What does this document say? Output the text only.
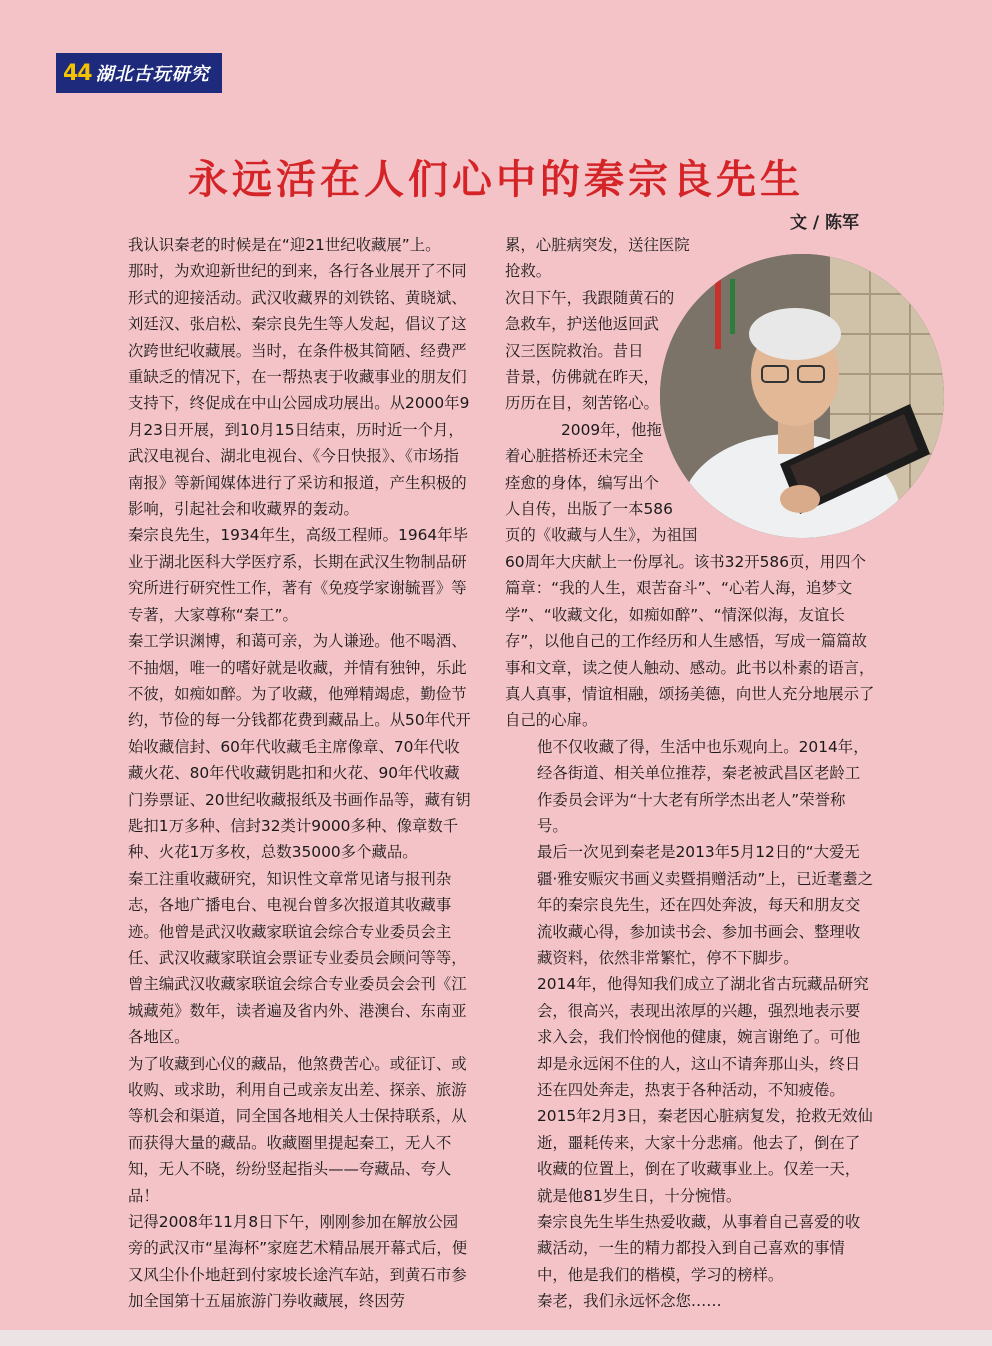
44 湖北古玩研究
永远活在人们心中的秦宗良先生
文 / 陈军

我认识秦老的时候是在“迎21世纪收藏展”上。

那时，为欢迎新世纪的到来，各行各业展开了不同形式的迎接活动。武汉收藏界的刘铁铭、黄晓斌、刘廷汉、张启松、秦宗良先生等人发起，倡议了这次跨世纪收藏展。当时，在条件极其简陋、经费严重缺乏的情况下，在一帮热衷于收藏事业的朋友们支持下，终促成在中山公园成功展出。从2000年9月23日开展，到10月15日结束，历时近一个月，武汉电视台、湖北电视台、《今日快报》、《市场指南报》等新闻媒体进行了采访和报道，产生积极的影响，引起社会和收藏界的轰动。

秦宗良先生，1934年生，高级工程师。1964年毕业于湖北医科大学医疗系，长期在武汉生物制品研究所进行研究性工作，著有《免疫学家谢毓晋》等专著，大家尊称“秦工”。

秦工学识渊博，和蔼可亲，为人谦逊。他不喝酒、不抽烟，唯一的嗜好就是收藏，并情有独钟，乐此不彼，如痴如醉。为了收藏，他殚精竭虑，勤俭节约，节俭的每一分钱都花费到藏品上。从50年代开始收藏信封、60年代收藏毛主席像章、70年代收藏火花、80年代收藏钥匙扣和火花、90年代收藏门券票证、20世纪收藏报纸及书画作品等，藏有钥匙扣1万多种、信封32类计9000多种、像章数千种、火花1万多枚，总数35000多个藏品。

秦工注重收藏研究，知识性文章常见诸与报刊杂志，各地广播电台、电视台曾多次报道其收藏事迹。他曾是武汉收藏家联谊会综合专业委员会主任、武汉收藏家联谊会票证专业委员会顾问等等，曾主编武汉收藏家联谊会综合专业委员会会刊《江城藏苑》数年，读者遍及省内外、港澳台、东南亚各地区。

为了收藏到心仪的藏品，他煞费苦心。或征订、或收购、或求助，利用自己或亲友出差、探亲、旅游等机会和渠道，同全国各地相关人士保持联系，从而获得大量的藏品。收藏圈里提起秦工，无人不知，无人不晓，纷纷竖起指头——夸藏品、夸人品！

记得2008年11月8日下午，刚刚参加在解放公园旁的武汉市“星海杯”家庭艺术精品展开幕式后，便又风尘仆仆地赶到付家坡长途汽车站，到黄石市参加全国第十五届旅游门券收藏展，终因劳

累，心脏病突发，送往医院抢救。

次日下午，我跟随黄石的

急救车，护送他返回武

汉三医院救治。昔日

昔景，仿佛就在昨天，

历历在目，刻苦铭心。

2009年，他拖

着心脏搭桥还未完全

痊愈的身体，编写出个

人自传，出版了一本586

页的《收藏与人生》，为祖国

60周年大庆献上一份厚礼。该书32开586页，用四个篇章：“我的人生，艰苦奋斗”、“心若人海，追梦文学”、“收藏文化，如痴如醉”、“情深似海，友谊长存”，以他自己的工作经历和人生感悟，写成一篇篇故事和文章，读之使人触动、感动。此书以朴素的语言，真人真事，情谊相融，颂扬美德，向世人充分地展示了自己的心扉。

他不仅收藏了得，生活中也乐观向上。2014年，经各街道、相关单位推荐，秦老被武昌区老龄工作委员会评为“十大老有所学杰出老人”荣誉称号。

最后一次见到秦老是2013年5月12日的“大爱无疆·雅安赈灾书画义卖暨捐赠活动”上，已近耄耋之年的秦宗良先生，还在四处奔波，每天和朋友交流收藏心得，参加读书会、参加书画会、整理收藏资料，依然非常繁忙，停不下脚步。

2014年，他得知我们成立了湖北省古玩藏品研究会，很高兴，表现出浓厚的兴趣，强烈地表示要求入会，我们怜悯他的健康，婉言谢绝了。可他却是永远闲不住的人，这山不请奔那山头，终日还在四处奔走，热衷于各种活动，不知疲倦。

2015年2月3日，秦老因心脏病复发，抢救无效仙逝，噩耗传来，大家十分悲痛。他去了，倒在了收藏的位置上，倒在了收藏事业上。仅差一天，就是他81岁生日，十分惋惜。

秦宗良先生毕生热爱收藏，从事着自己喜爱的收藏活动，一生的精力都投入到自己喜欢的事情中，他是我们的楷模，学习的榜样。

秦老，我们永远怀念您……
